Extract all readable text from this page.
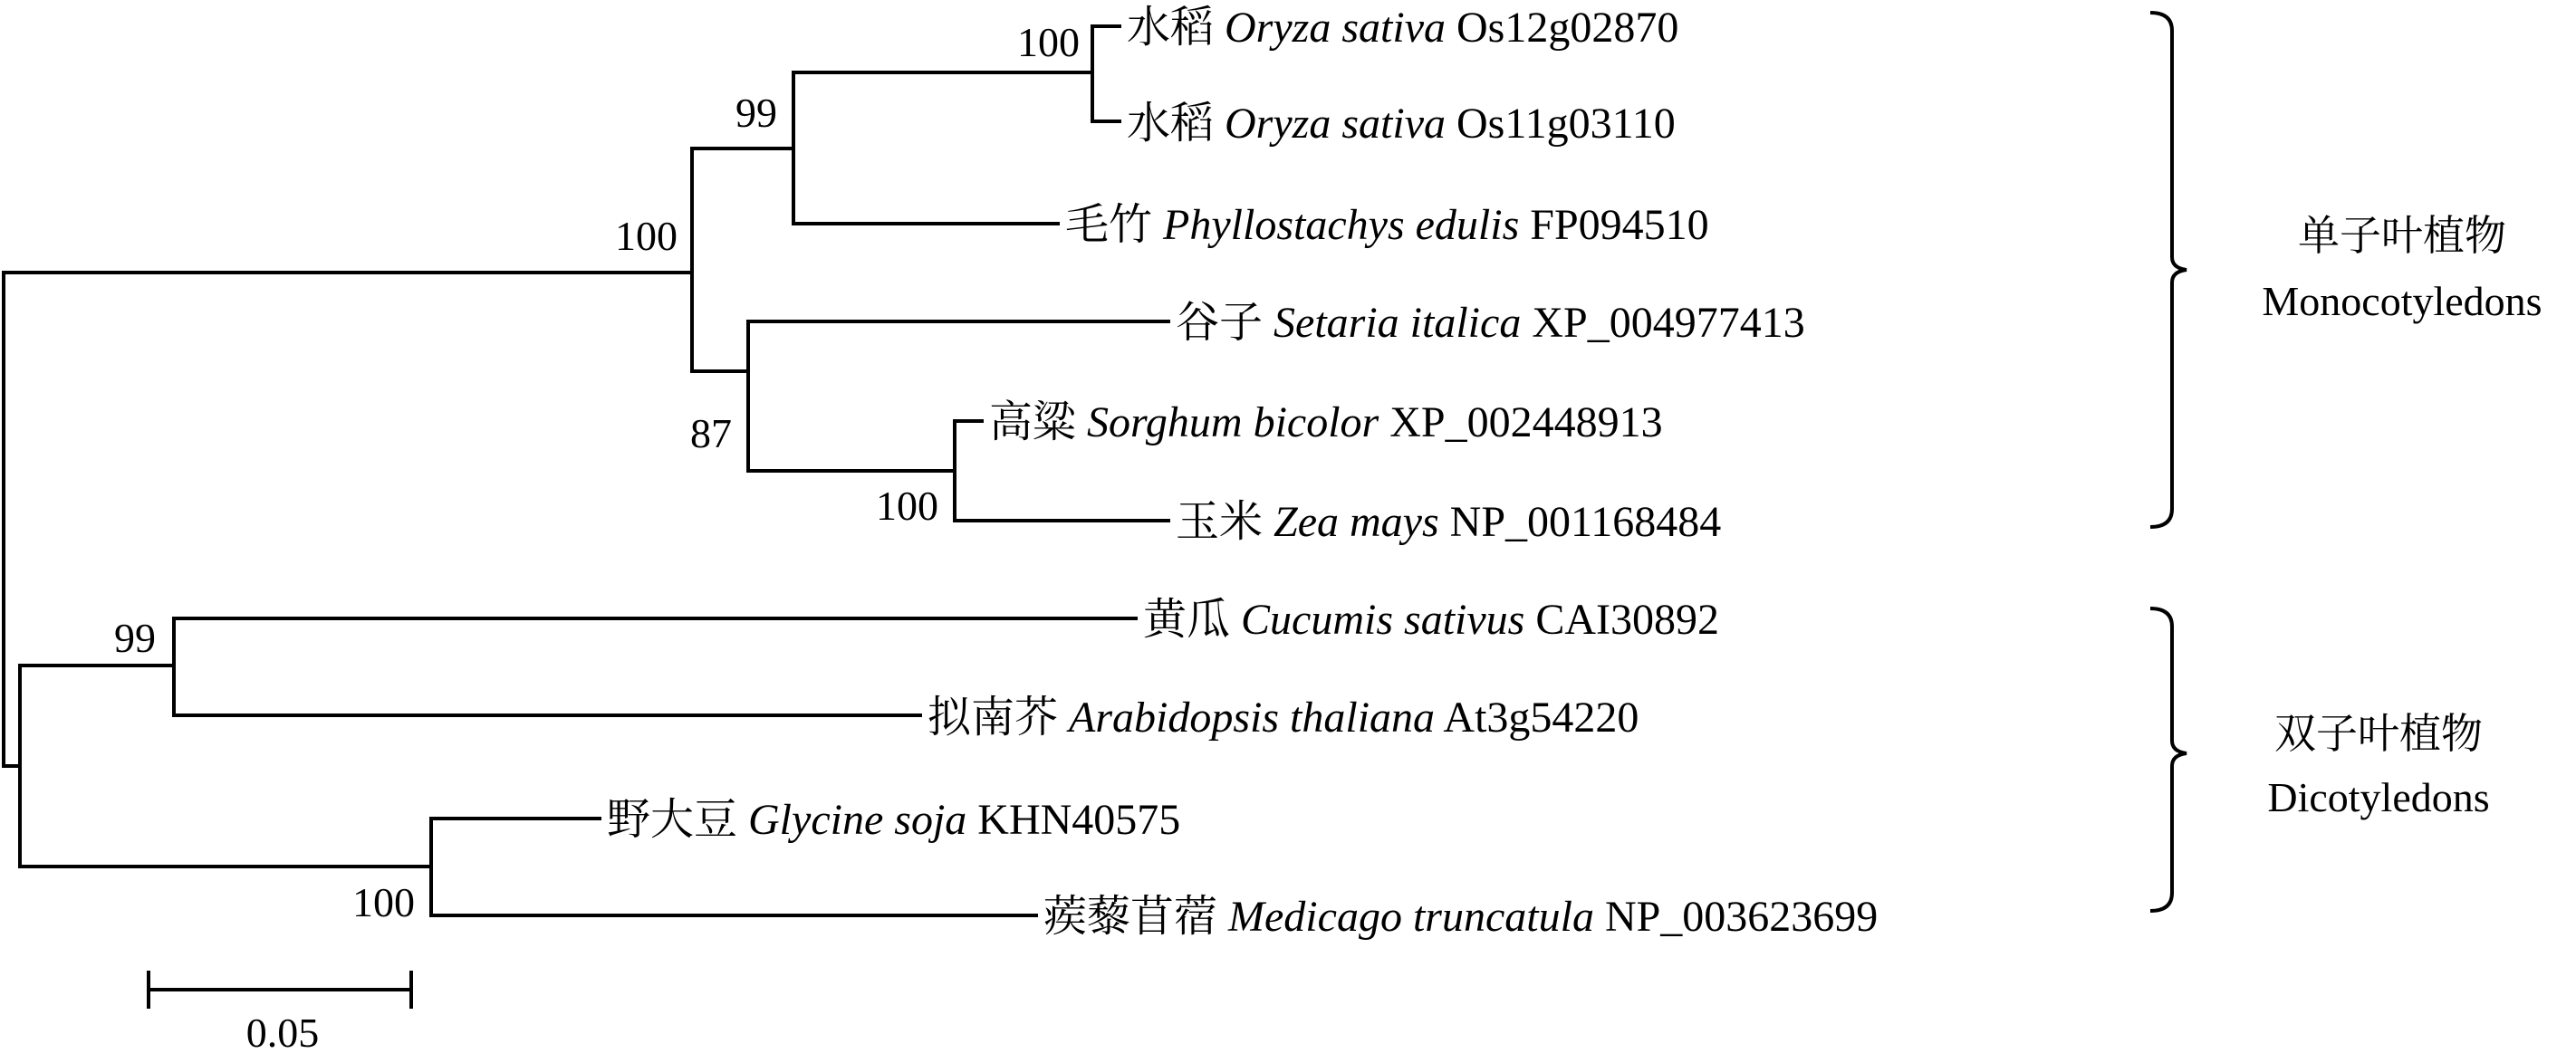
100
99
100
87
100
99
100
水稻 Oryza sativa Os12g02870
水稻 Oryza sativa Os11g03110
毛竹 Phyllostachys edulis FP094510
谷子 Setaria italica XP_004977413
高粱 Sorghum bicolor XP_002448913
玉米 Zea mays NP_001168484
黄瓜 Cucumis sativus CAI30892
拟南芥 Arabidopsis thaliana At3g54220
野大豆 Glycine soja KHN40575
蒺藜苜蓿 Medicago truncatula NP_003623699
单子叶植物
Monocotyledons
双子叶植物
Dicotyledons
0.05
